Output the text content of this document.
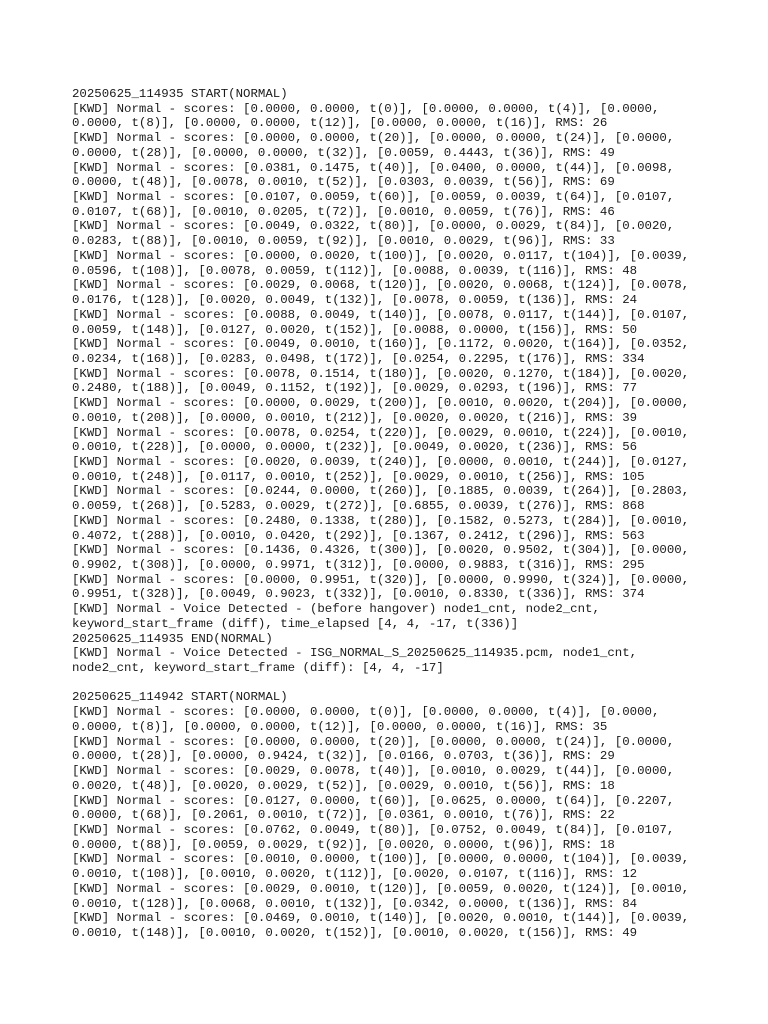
20250625_114935 START(NORMAL)
[KWD] Normal - scores: [0.0000, 0.0000, t(0)], [0.0000, 0.0000, t(4)], [0.0000,
0.0000, t(8)], [0.0000, 0.0000, t(12)], [0.0000, 0.0000, t(16)], RMS: 26
[KWD] Normal - scores: [0.0000, 0.0000, t(20)], [0.0000, 0.0000, t(24)], [0.0000,
0.0000, t(28)], [0.0000, 0.0000, t(32)], [0.0059, 0.4443, t(36)], RMS: 49
[KWD] Normal - scores: [0.0381, 0.1475, t(40)], [0.0400, 0.0000, t(44)], [0.0098,
0.0000, t(48)], [0.0078, 0.0010, t(52)], [0.0303, 0.0039, t(56)], RMS: 69
[KWD] Normal - scores: [0.0107, 0.0059, t(60)], [0.0059, 0.0039, t(64)], [0.0107,
0.0107, t(68)], [0.0010, 0.0205, t(72)], [0.0010, 0.0059, t(76)], RMS: 46
[KWD] Normal - scores: [0.0049, 0.0322, t(80)], [0.0000, 0.0029, t(84)], [0.0020,
0.0283, t(88)], [0.0010, 0.0059, t(92)], [0.0010, 0.0029, t(96)], RMS: 33
[KWD] Normal - scores: [0.0000, 0.0020, t(100)], [0.0020, 0.0117, t(104)], [0.0039,
0.0596, t(108)], [0.0078, 0.0059, t(112)], [0.0088, 0.0039, t(116)], RMS: 48
[KWD] Normal - scores: [0.0029, 0.0068, t(120)], [0.0020, 0.0068, t(124)], [0.0078,
0.0176, t(128)], [0.0020, 0.0049, t(132)], [0.0078, 0.0059, t(136)], RMS: 24
[KWD] Normal - scores: [0.0088, 0.0049, t(140)], [0.0078, 0.0117, t(144)], [0.0107,
0.0059, t(148)], [0.0127, 0.0020, t(152)], [0.0088, 0.0000, t(156)], RMS: 50
[KWD] Normal - scores: [0.0049, 0.0010, t(160)], [0.1172, 0.0020, t(164)], [0.0352,
0.0234, t(168)], [0.0283, 0.0498, t(172)], [0.0254, 0.2295, t(176)], RMS: 334
[KWD] Normal - scores: [0.0078, 0.1514, t(180)], [0.0020, 0.1270, t(184)], [0.0020,
0.2480, t(188)], [0.0049, 0.1152, t(192)], [0.0029, 0.0293, t(196)], RMS: 77
[KWD] Normal - scores: [0.0000, 0.0029, t(200)], [0.0010, 0.0020, t(204)], [0.0000,
0.0010, t(208)], [0.0000, 0.0010, t(212)], [0.0020, 0.0020, t(216)], RMS: 39
[KWD] Normal - scores: [0.0078, 0.0254, t(220)], [0.0029, 0.0010, t(224)], [0.0010,
0.0010, t(228)], [0.0000, 0.0000, t(232)], [0.0049, 0.0020, t(236)], RMS: 56
[KWD] Normal - scores: [0.0020, 0.0039, t(240)], [0.0000, 0.0010, t(244)], [0.0127,
0.0010, t(248)], [0.0117, 0.0010, t(252)], [0.0029, 0.0010, t(256)], RMS: 105
[KWD] Normal - scores: [0.0244, 0.0000, t(260)], [0.1885, 0.0039, t(264)], [0.2803,
0.0059, t(268)], [0.5283, 0.0029, t(272)], [0.6855, 0.0039, t(276)], RMS: 868
[KWD] Normal - scores: [0.2480, 0.1338, t(280)], [0.1582, 0.5273, t(284)], [0.0010,
0.4072, t(288)], [0.0010, 0.0420, t(292)], [0.1367, 0.2412, t(296)], RMS: 563
[KWD] Normal - scores: [0.1436, 0.4326, t(300)], [0.0020, 0.9502, t(304)], [0.0000,
0.9902, t(308)], [0.0000, 0.9971, t(312)], [0.0000, 0.9883, t(316)], RMS: 295
[KWD] Normal - scores: [0.0000, 0.9951, t(320)], [0.0000, 0.9990, t(324)], [0.0000,
0.9951, t(328)], [0.0049, 0.9023, t(332)], [0.0010, 0.8330, t(336)], RMS: 374
[KWD] Normal - Voice Detected - (before hangover) node1_cnt, node2_cnt,
keyword_start_frame (diff), time_elapsed [4, 4, -17, t(336)]
20250625_114935 END(NORMAL)
[KWD] Normal - Voice Detected - ISG_NORMAL_S_20250625_114935.pcm, node1_cnt,
node2_cnt, keyword_start_frame (diff): [4, 4, -17]
20250625_114942 START(NORMAL)
[KWD] Normal - scores: [0.0000, 0.0000, t(0)], [0.0000, 0.0000, t(4)], [0.0000,
0.0000, t(8)], [0.0000, 0.0000, t(12)], [0.0000, 0.0000, t(16)], RMS: 35
[KWD] Normal - scores: [0.0000, 0.0000, t(20)], [0.0000, 0.0000, t(24)], [0.0000,
0.0000, t(28)], [0.0000, 0.9424, t(32)], [0.0166, 0.0703, t(36)], RMS: 29
[KWD] Normal - scores: [0.0029, 0.0078, t(40)], [0.0010, 0.0029, t(44)], [0.0000,
0.0020, t(48)], [0.0020, 0.0029, t(52)], [0.0029, 0.0010, t(56)], RMS: 18
[KWD] Normal - scores: [0.0127, 0.0000, t(60)], [0.0625, 0.0000, t(64)], [0.2207,
0.0000, t(68)], [0.2061, 0.0010, t(72)], [0.0361, 0.0010, t(76)], RMS: 22
[KWD] Normal - scores: [0.0762, 0.0049, t(80)], [0.0752, 0.0049, t(84)], [0.0107,
0.0000, t(88)], [0.0059, 0.0029, t(92)], [0.0020, 0.0000, t(96)], RMS: 18
[KWD] Normal - scores: [0.0010, 0.0000, t(100)], [0.0000, 0.0000, t(104)], [0.0039,
0.0010, t(108)], [0.0010, 0.0020, t(112)], [0.0020, 0.0107, t(116)], RMS: 12
[KWD] Normal - scores: [0.0029, 0.0010, t(120)], [0.0059, 0.0020, t(124)], [0.0010,
0.0010, t(128)], [0.0068, 0.0010, t(132)], [0.0342, 0.0000, t(136)], RMS: 84
[KWD] Normal - scores: [0.0469, 0.0010, t(140)], [0.0020, 0.0010, t(144)], [0.0039,
0.0010, t(148)], [0.0010, 0.0020, t(152)], [0.0010, 0.0020, t(156)], RMS: 49
